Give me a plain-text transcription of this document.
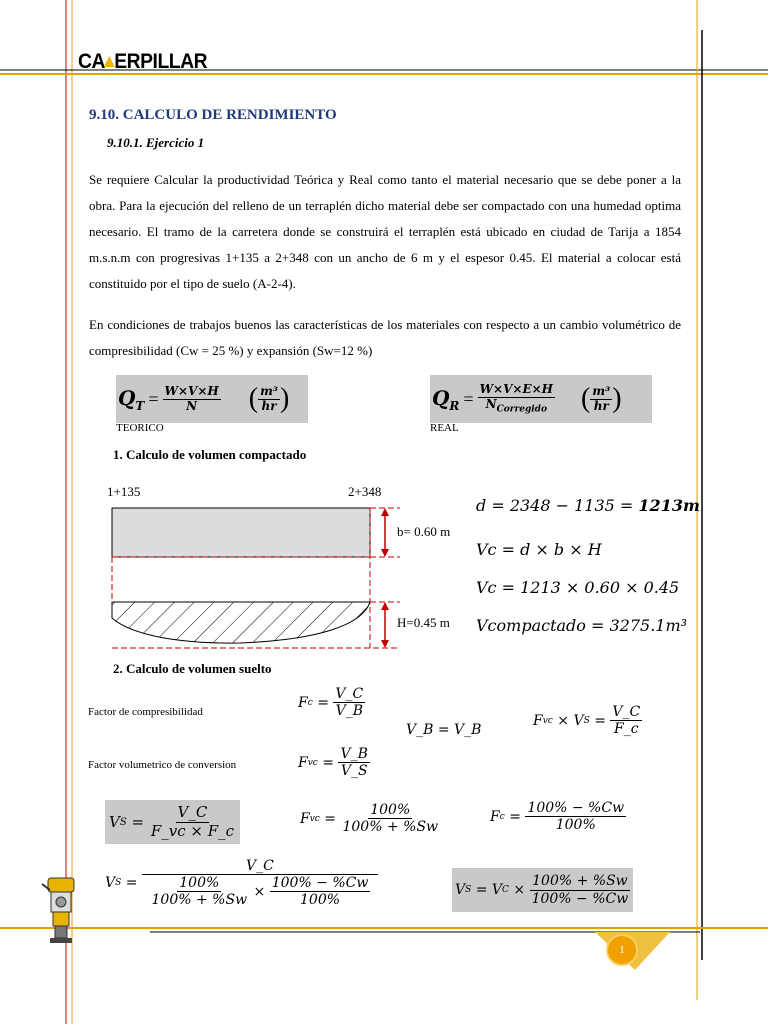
CA ERPILLAR
9.10. CALCULO DE RENDIMIENTO
9.10.1. Ejercicio 1
Se requiere Calcular la productividad Teórica y Real como tanto el material necesario que se debe poner a la obra. Para la ejecución del relleno de un terraplén dicho material debe ser compactado con una humedad optima necesario. El tramo de la carretera donde se construirá el terraplén está ubicado en ciudad de Tarija a 1854 m.s.n.m con progresivas 1+135 a 2+348 con un ancho de 6 m y el espesor 0.45. El material a colocar está constituido por el tipo de suelo (A-2-4).
En condiciones de trabajos buenos las características de los materiales con respecto a un cambio volumétrico de compresibilidad (Cw = 25 %) y expansión (Sw=12 %)
$Q_T = \frac{W\times V\times H}{N}$ ( $\frac{\text{m³}}{hr}$ )
TEORICO
$Q_R = \frac{W\times V\times E\times H}{N_{Corregido}}$ ( $\frac{\text{m³}}{hr}$ )
REAL
1. Calculo de volumen compactado
1+135	2+348
b= 0.60 m
H=0.45 m
d = 2348 − 1135 = 1213m
Vc = d × b × H
Vc = 1213 × 0.60 × 0.45
Vcompactado = 3275.1m³
2. Calculo de volumen suelto
Factor de compresibilidad
Factor volumetrico de conversion
F $c = \frac{V\_C}{V\_B}$
V_B = V_B
F vc × V $S = \frac{V\_C}{F\_c}$
F vc = $\frac{V\_B}{V\_S}$
V $S = \frac{V\_C}{F\_vc \times F\_c}$	F vc = $\frac{100\%}{100\% + \%Sw}$	F $c = \frac{100\% - \%Cw}{100\%}$
V $S = \frac{V\_C}{\frac{100\%}{100\% + \%Sw} \times \frac{100\% - \%Cw}{100\%}}$	V S = V $C \times \frac{100\% + \%Sw}{100\% - \%Cw}$
1
